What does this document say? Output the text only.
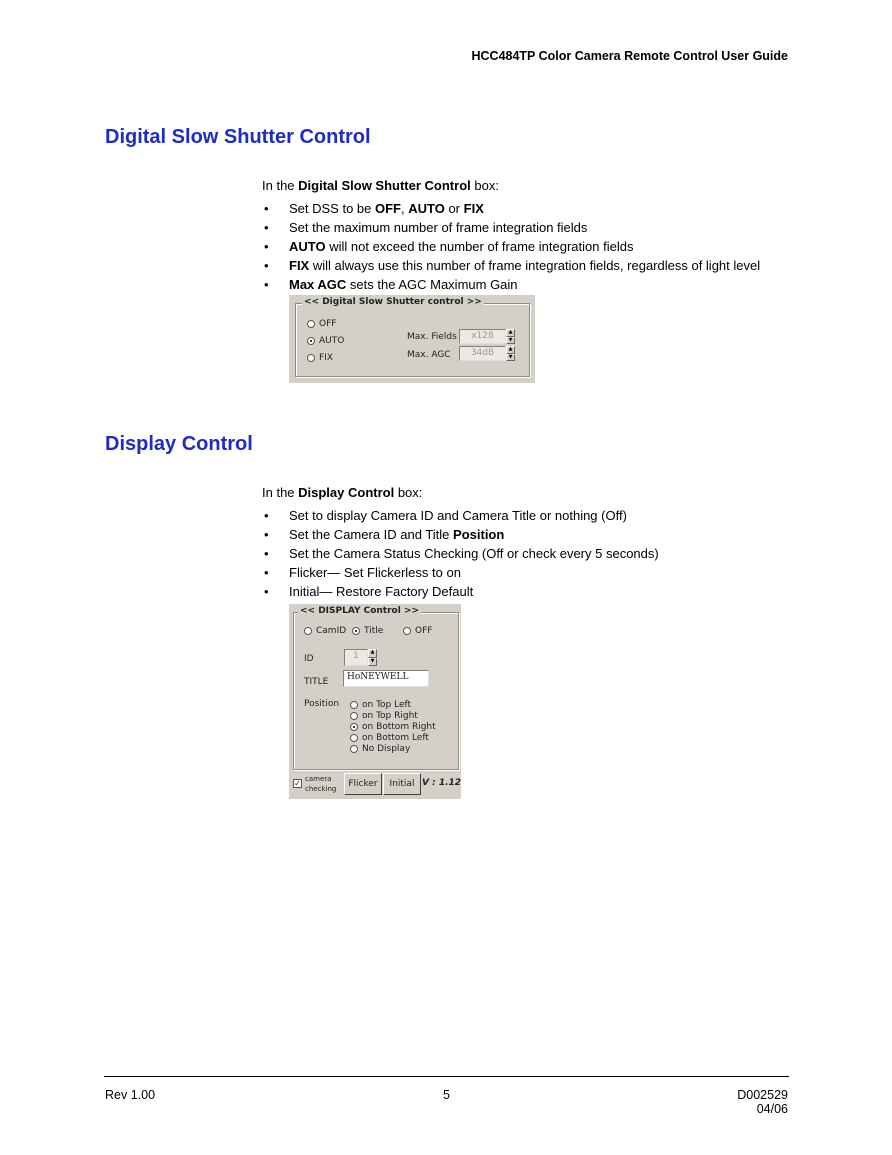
HCC484TP Color Camera Remote Control User Guide
Digital Slow Shutter Control
In the Digital Slow Shutter Control box:
• Set DSS to be OFF, AUTO or FIX
• Set the maximum number of frame integration fields
• AUTO will not exceed the number of frame integration fields
• FIX will always use this number of frame integration fields, regardless of light level
• Max AGC sets the AGC Maximum Gain
<< Digital Slow Shutter control >>
OFF
AUTO
FIX
Max. Fields	x128	▲
▼
Max. AGC	34dB	▲
▼
Display Control
In the Display Control box:
• Set to display Camera ID and Camera Title or nothing (Off)
• Set the Camera ID and Title Position
• Set the Camera Status Checking (Off or check every 5 seconds)
• Flicker— Set Flickerless to on
• Initial— Restore Factory Default
<< DISPLAY Control >>
CamID Title	OFF
ID	1	▲
▼
TITLE	HoNEYWELL
Position	on Top Left
on Top Right
on Bottom Right
on Bottom Left
No Display
✓ camera
checking	Flicker	Initial V : 1.12
Rev 1.00	5	D002529
04/06
